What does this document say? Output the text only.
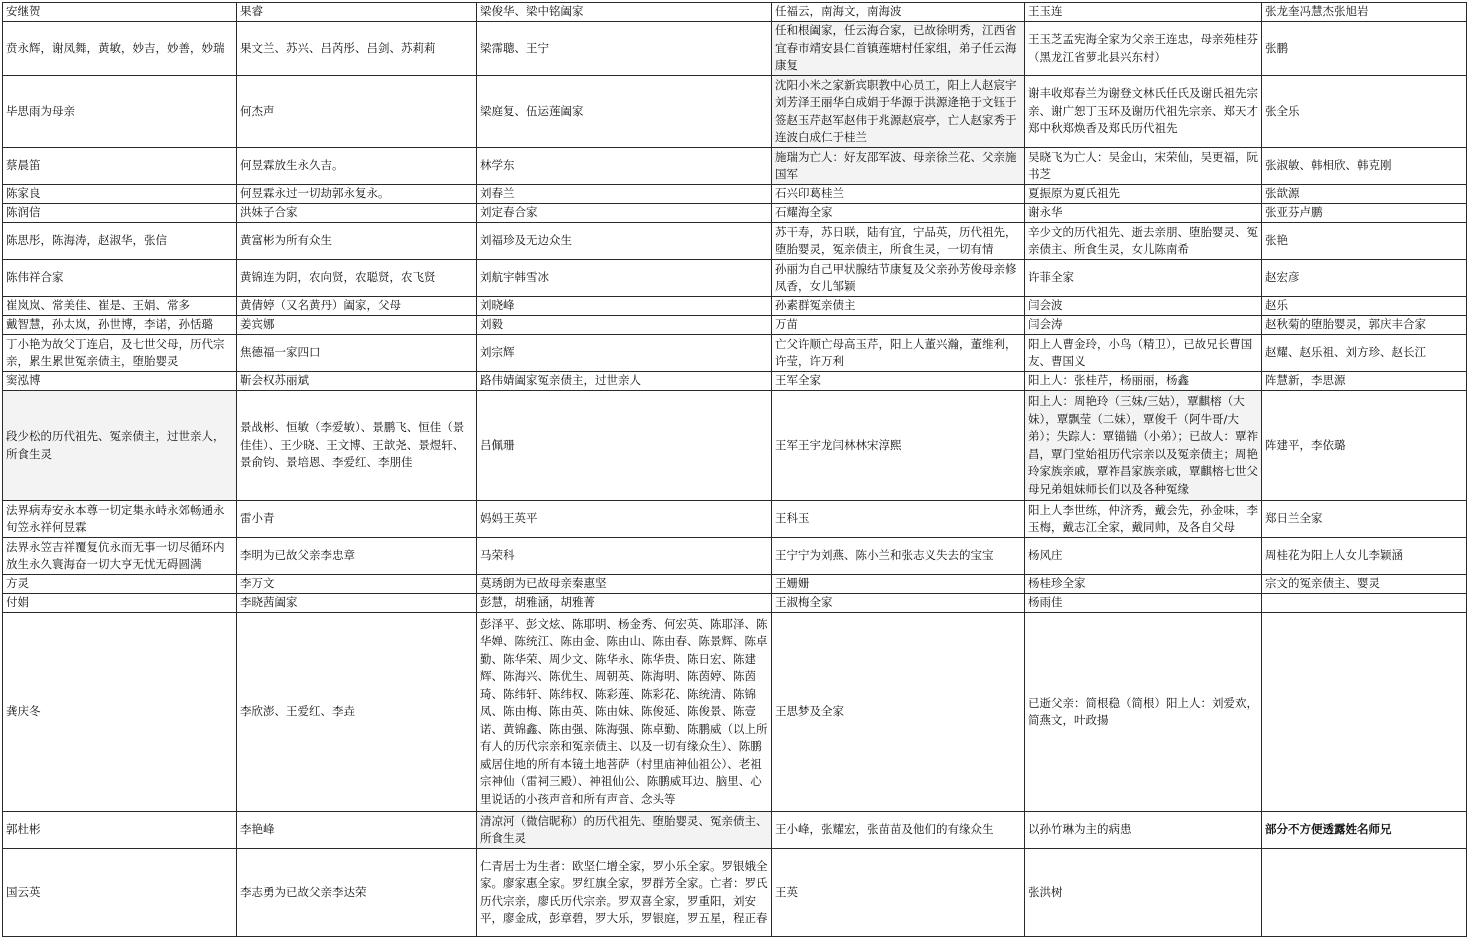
安继贺	果睿	梁俊华、梁中铭阖家	任福云，南海文，南海波	王玉连	张龙奎冯慧杰张旭岩
贲永辉，谢凤舞，黄敏，妙吉，妙善，妙瑞	果文兰、苏兴、吕芮彤、吕剑、苏莉莉	梁霈聰、王宁	任和根阖家，任云海合家，已故徐明秀，江西省宜春市靖安县仁首镇莲塘村任家组，弟子任云海康复	王玉芝孟宪海全家为父亲王连忠，母亲苑桂芬（黑龙江省萝北县兴东村）	张鹏
毕思雨为母亲	何杰声	梁庭复、伍运莲阖家	沈阳小米之家新宾职教中心员工，阳上人赵宸宇刘芳泽王丽华白成娟于华源于洪源逄艳于文钰于签赵玉芹赵军赵伟于兆源赵宸亭，亡人赵家秀于连波白成仁于桂兰	谢丰收郑春兰为谢登文林氏任氏及谢氏祖先宗亲、谢广恕丁玉环及谢历代祖先宗亲、郑天才郑中秋郑焕香及郑氏历代祖先	张全乐
蔡晨笛	何昱霖放生永久吉。	林学东	施瑞为亡人：好友邵军波、母亲徐兰花、父亲施国军	吴晓飞为亡人：吴金山，宋荣仙，吴更福，阮书芝	张淑敏、韩相欣、韩克刚
陈家良	何昱霖永过一切劫郭永复永。	刘春兰	石兴印葛桂兰	夏振原为夏氏祖先	张歆源
陈润信	洪妹子合家	刘定春合家	石耀海全家	谢永华	张亚芬卢鹏
陈思彤，陈海涛，赵淑华，张信	黄富彬为所有众生	刘福珍及无边众生	苏干寿，苏日联，陆有宜，宁品英，历代祖先，堕胎婴灵，冤亲债主，所食生灵，一切有情	辛少文的历代祖先、逝去亲朋、堕胎婴灵、冤亲债主、所食生灵，女儿陈南希	张艳
陈伟祥合家	黄锦连为阴，农向贤，农聪贤，农飞贤	刘航宇韩雪冰	孙丽为自己甲状腺结节康复及父亲孙芳俊母亲修凤香，女儿邹颖	许菲全家	赵宏彦
崔岚岚、常美佳、崔是、王娟、常多	黄倩婷（又名黄丹）阖家，父母	刘晓峰	孙素群冤亲债主	闫会波	赵乐
戴智慧，孙太岚，孙世博，李诺，孙恬璐	姜宾娜	刘毅	万苗	闫会涛	赵秋菊的堕胎婴灵，郭庆丰合家
丁小艳为故父丁连启，及七世父母，历代宗亲，累生累世冤亲债主，堕胎婴灵	焦德福一家四口	刘宗辉	亡父许顺亡母高玉芹，阳上人董兴瀚，董维利，许莹，许万利	阳上人曹金玲，小鸟（精卫），已故兄长曹国友、曹国义	赵耀、赵乐祖、刘方珍、赵长江
窦泓博	靳会权苏丽斌	路伟婧阖家冤亲债主，过世亲人	王军全家	阳上人：张桂芹，杨丽丽，杨鑫	阵慧新，李思源
段少松的历代祖先、冤亲债主，过世亲人，所食生灵	景战彬、恒敏（李爱敏）、景鹏飞、恒佳（景佳佳）、王少晓、王文博、王歆尧、景煜轩、景俞钧、景培恩、李爱红、李朋佳	吕佩珊	王军王宇龙闫林林宋淳熙	阳上人：周艳玲（三妹/三姑），覃麒榕（大妹），覃飘莹（二妹），覃俊千（阿牛哥/大弟）；失踪人：覃锚锚（小弟）；已故人：覃祚昌，覃门堂始祖历代宗亲以及冤亲债主；周艳玲家族亲戚，覃祚昌家族亲戚，覃麒榕七世父母兄弟姐妹师长们以及各种冤缘	阵建平，李依璐
法界病寿安永本尊一切定集永峙永郊畅通永旬笠永祥何昱霖	雷小青	妈妈王英平	王科玉	阳上人李世练，仲济秀，戴会先，孙金味，李玉梅，戴志江全家，戴同帅，及各自父母	郑日兰全家
法界永笠吉祥覆复伉永而无事一切尽循环内放生永久寰海奋一切大亨无忧无碍圆满	李明为已故父亲李忠章	马荣科	王宁宁为刘燕、陈小兰和张志义失去的宝宝	杨风庄	周桂花为阳上人女儿李颖涵
方灵	李万文	莫琇朗为已故母亲秦惠坚	王姗姗	杨桂珍全家	宗文的冤亲债主、婴灵
付娟	李晓茜阖家	彭慧，胡雅涵，胡雅菁	王淑梅全家	杨雨佳	
龚庆冬	李欣澎、王爱红、李垚	彭泽平、彭文炫、陈耶明、杨金秀、何宏英、陈耶泽、陈华婵、陈统江、陈由金、陈由山、陈由春、陈景辉、陈卓勤、陈华荣、周少文、陈华永、陈华贵、陈日宏、陈建辉、陈海兴、陈优生、周朝英、陈海明、陈茵婷、陈茵琦、陈纬轩、陈纬权、陈彩莲、陈彩花、陈统清、陈锦凤、陈由梅、陈由英、陈由妹、陈俊延、陈俊景、陈壹诺、黄锦鑫、陈由强、陈海强、陈卓勤、陈鹏威（以上所有人的历代宗亲和冤亲债主、以及一切有缘众生）、陈鹏威居住地的所有本镜土地菩萨（村里庙神仙祖公）、老祖宗神仙（雷祠三殿）、神祖仙公、陈鹏威耳边、脑里、心里说话的小孩声音和所有声音、念头等	王思梦及全家	已逝父亲：简根稳（简根）阳上人：刘爱欢，简燕文，叶政揚	
郭杜彬	李艳峰	清凉河（微信昵称）的历代祖先、堕胎婴灵、冤亲债主、所食生灵	王小峰，张耀宏，张苗苗及他们的有缘众生	以孙竹琳为主的病患	部分不方便透露姓名师兄
国云英	李志勇为已故父亲李达荣	仁青居士为生者：欧坚仁增全家，罗小乐全家。罗银娥全家。廖家惠全家。罗红旗全家，罗群芳全家。亡者：罗氏历代宗亲，廖氏历代宗亲。罗双喜全家，罗重阳，刘安平，廖金成，彭章碧，罗大乐，罗银庭，罗五星，程正春	王英	张洪树	
